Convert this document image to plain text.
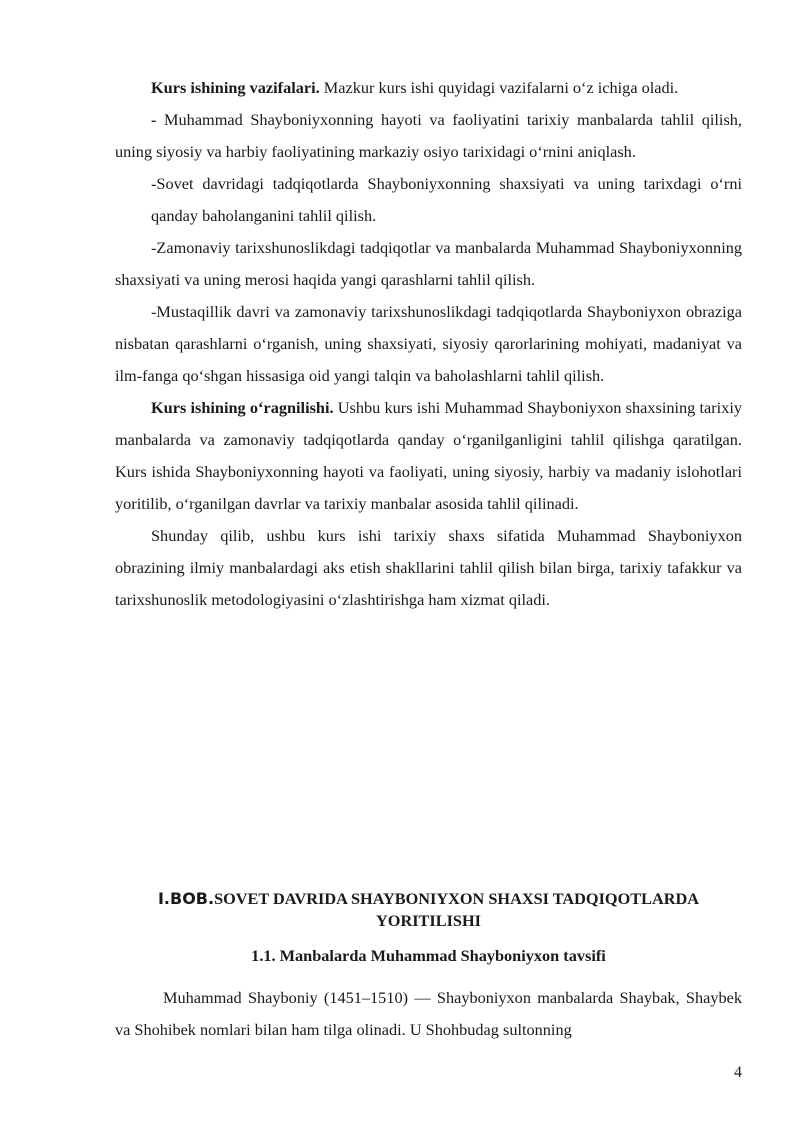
Kurs ishining vazifalari. Mazkur kurs ishi quyidagi vazifalarni o‘z ichiga oladi.

- Muhammad Shayboniyxonning hayoti va faoliyatini tarixiy manbalarda tahlil qilish, uning siyosiy va harbiy faoliyatining markaziy osiyo tarixidagi o‘rnini aniqlash.

-Sovet davridagi tadqiqotlarda Shayboniyxonning shaxsiyati va uning tarixdagi o‘rni qanday baholanganini tahlil qilish.

-Zamonaviy tarixshunoslikdagi tadqiqotlar va manbalarda Muhammad Shayboniyxonning shaxsiyati va uning merosi haqida yangi qarashlarni tahlil qilish.

-Mustaqillik davri va zamonaviy tarixshunoslikdagi tadqiqotlarda Shayboniyxon obraziga nisbatan qarashlarni o‘rganish, uning shaxsiyati, siyosiy qarorlarining mohiyati, madaniyat va ilm-fanga qo‘shgan hissasiga oid yangi talqin va baholashlarni tahlil qilish.

Kurs ishining o‘ragnilishi. Ushbu kurs ishi Muhammad Shayboniyxon shaxsining tarixiy manbalarda va zamonaviy tadqiqotlarda qanday o‘rganilganligini tahlil qilishga qaratilgan. Kurs ishida Shayboniyxonning hayoti va faoliyati, uning siyosiy, harbiy va madaniy islohotlari yoritilib, o‘rganilgan davrlar va tarixiy manbalar asosida tahlil qilinadi.

Shunday qilib, ushbu kurs ishi tarixiy shaxs sifatida Muhammad Shayboniyxon obrazining ilmiy manbalardagi aks etish shakllarini tahlil qilish bilan birga, tarixiy tafakkur va tarixshunoslik metodologiyasini o‘zlashtirishga ham xizmat qiladi.

I.BOB.SOVET DAVRIDA SHAYBONIYXON SHAXSI TADQIQOTLARDA YORITILISHI
1.1. Manbalarda Muhammad Shayboniyxon tavsifi

Muhammad Shayboniy (1451–1510) — Shayboniyxon manbalarda Shaybak, Shaybek va Shohibek nomlari bilan ham tilga olinadi. U Shohbudag sultonning

4
